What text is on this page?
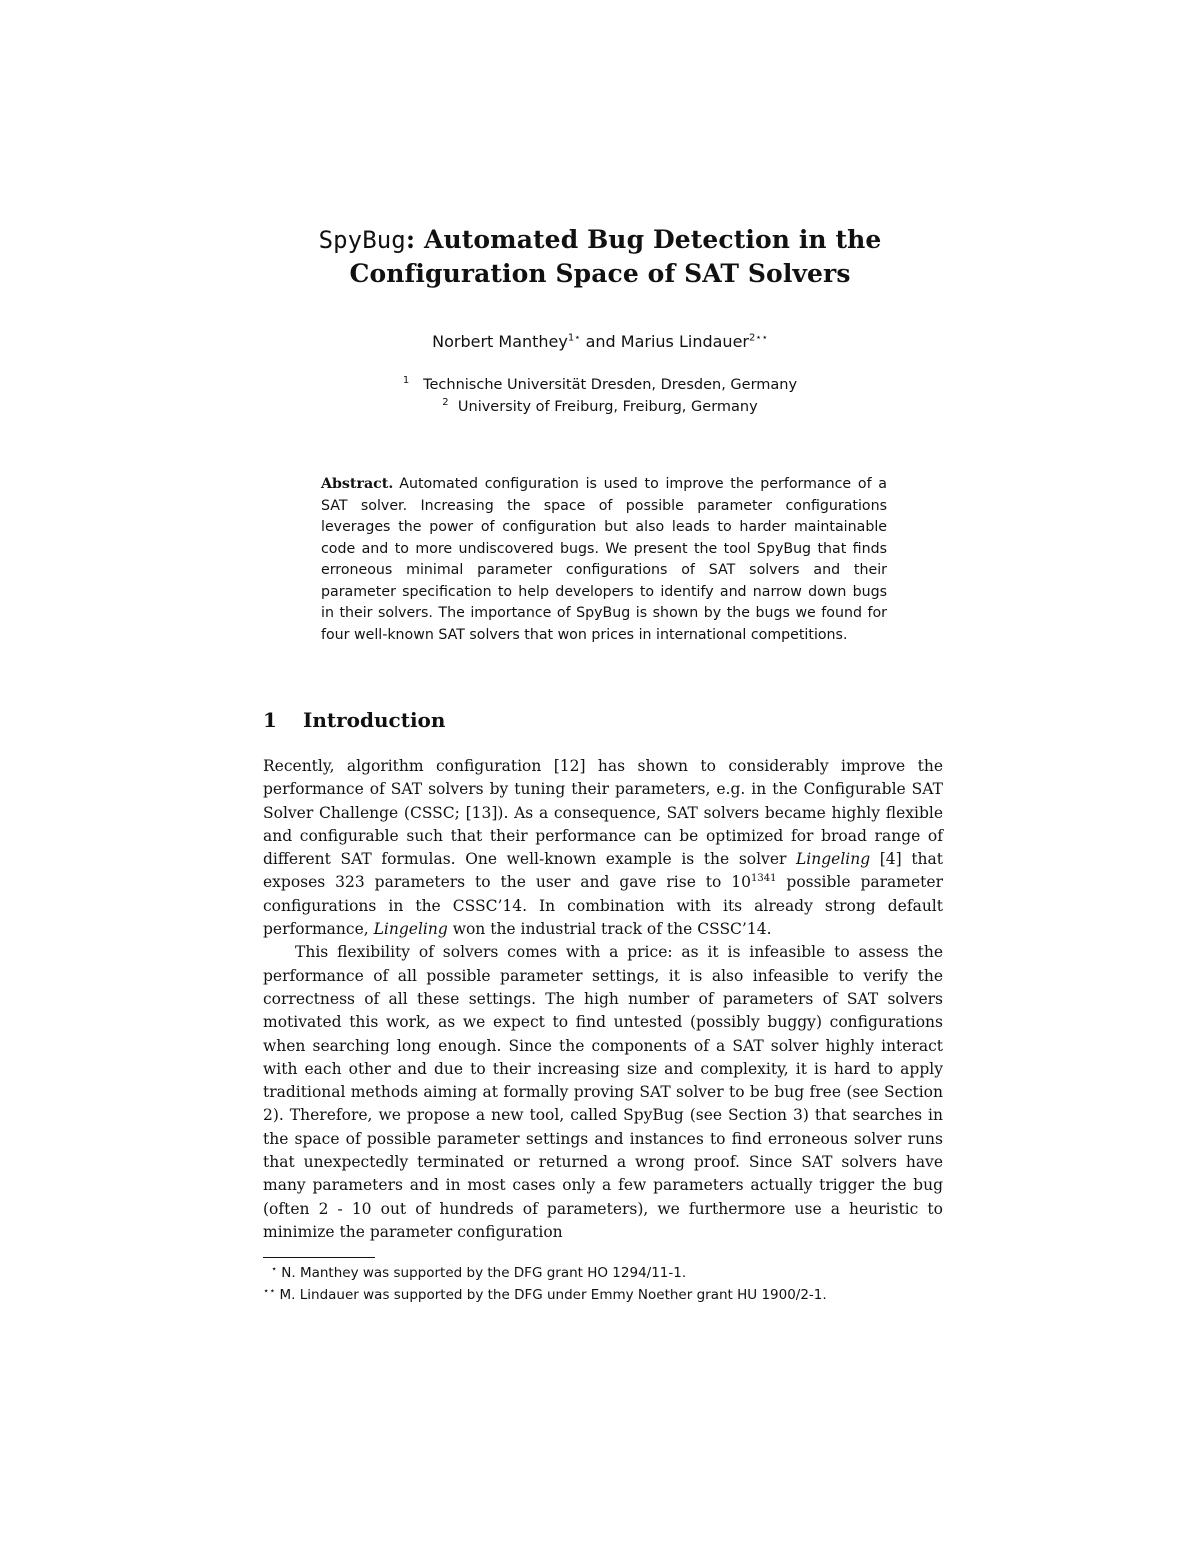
SpyBug: Automated Bug Detection in the
Configuration Space of SAT Solvers
Norbert Manthey$^{1⋆}$ and Marius Lindauer$^{2⋆⋆}$
$^1$ Technische Universität Dresden, Dresden, Germany
$^2$ University of Freiburg, Freiburg, Germany
Abstract. Automated configuration is used to improve the performance of a SAT solver. Increasing the space of possible parameter configurations leverages the power of configuration but also leads to harder maintainable code and to more undiscovered bugs. We present the tool SpyBug that finds erroneous minimal parameter configurations of SAT solvers and their parameter specification to help developers to identify and narrow down bugs in their solvers. The importance of SpyBug is shown by the bugs we found for four well-known SAT solvers that won prices in international competitions.
1 Introduction

Recently, algorithm configuration [12] has shown to considerably improve the performance of SAT solvers by tuning their parameters, e.g. in the Configurable SAT Solver Challenge (CSSC; [13]). As a consequence, SAT solvers became highly flexible and configurable such that their performance can be optimized for broad range of different SAT formulas. One well-known example is the solver Lingeling [4] that exposes 323 parameters to the user and gave rise to $10^{1341}$ possible parameter configurations in the CSSC’14. In combination with its already strong default performance, Lingeling won the industrial track of the CSSC’14.

This flexibility of solvers comes with a price: as it is infeasible to assess the performance of all possible parameter settings, it is also infeasible to verify the correctness of all these settings. The high number of parameters of SAT solvers motivated this work, as we expect to find untested (possibly buggy) configurations when searching long enough. Since the components of a SAT solver highly interact with each other and due to their increasing size and complexity, it is hard to apply traditional methods aiming at formally proving SAT solver to be bug free (see Section 2). Therefore, we propose a new tool, called SpyBug (see Section 3) that searches in the space of possible parameter settings and instances to find erroneous solver runs that unexpectedly terminated or returned a wrong proof. Since SAT solvers have many parameters and in most cases only a few parameters actually trigger the bug (often 2 - 10 out of hundreds of parameters), we furthermore use a heuristic to minimize the parameter configuration

⋆ N. Manthey was supported by the DFG grant HO 1294/11-1.
⋆⋆ M. Lindauer was supported by the DFG under Emmy Noether grant HU 1900/2-1.
